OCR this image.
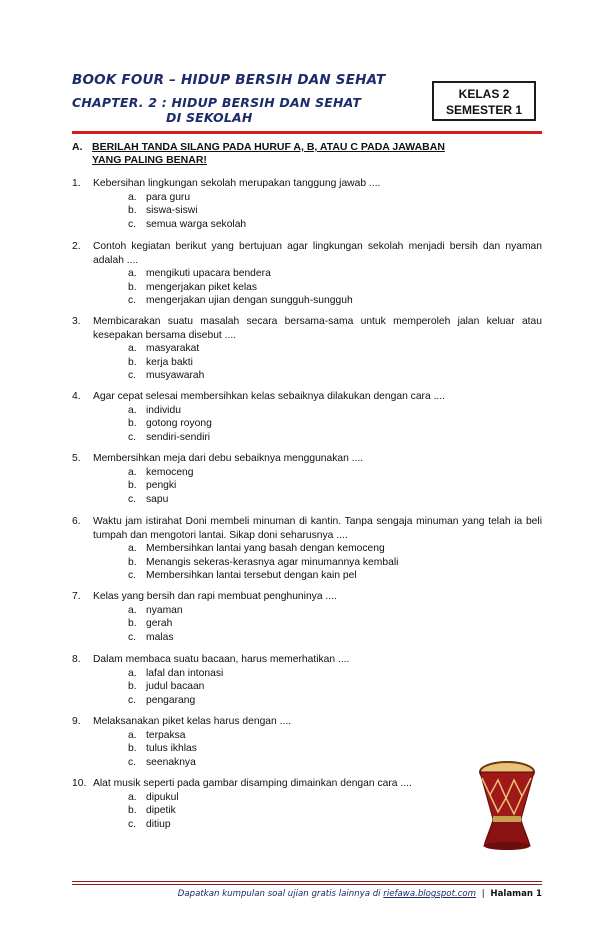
BOOK FOUR – HIDUP BERSIH DAN SEHAT
CHAPTER. 2 : HIDUP BERSIH DAN SEHAT
DI SEKOLAH
KELAS 2
SEMESTER 1
A. BERILAH TANDA SILANG PADA HURUF A, B, ATAU C PADA JAWABAN
YANG PALING BENAR!
1. Kebersihan lingkungan sekolah merupakan tanggung jawab ....
a. para guru
b. siswa-siswi
c. semua warga sekolah
2. Contoh kegiatan berikut yang bertujuan agar lingkungan sekolah menjadi bersih dan nyaman adalah ....
a. mengikuti upacara bendera
b. mengerjakan piket kelas
c. mengerjakan ujian dengan sungguh-sungguh
3. Membicarakan suatu masalah secara bersama-sama untuk memperoleh jalan keluar atau kesepakan bersama disebut ....
a. masyarakat
b. kerja bakti
c. musyawarah
4. Agar cepat selesai membersihkan kelas sebaiknya dilakukan dengan cara ....
a. individu
b. gotong royong
c. sendiri-sendiri
5. Membersihkan meja dari debu sebaiknya menggunakan ....
a. kemoceng
b. pengki
c. sapu
6. Waktu jam istirahat Doni membeli minuman di kantin. Tanpa sengaja minuman yang telah ia beli tumpah dan mengotori lantai. Sikap doni seharusnya ....
a. Membersihkan lantai yang basah dengan kemoceng
b. Menangis sekeras-kerasnya agar minumannya kembali
c. Membersihkan lantai tersebut dengan kain pel
7. Kelas yang bersih dan rapi membuat penghuninya ....
a. nyaman
b. gerah
c. malas
8. Dalam membaca suatu bacaan, harus memerhatikan ....
a. lafal dan intonasi
b. judul bacaan
c. pengarang
9. Melaksanakan piket kelas harus dengan ....
a. terpaksa
b. tulus ikhlas
c. seenaknya
10. Alat musik seperti pada gambar disamping dimainkan dengan cara ....
a. dipukul
b. dipetik
c. ditiup
Dapatkan kumpulan soal ujian gratis lainnya di riefawa.blogspot.com | Halaman 1
